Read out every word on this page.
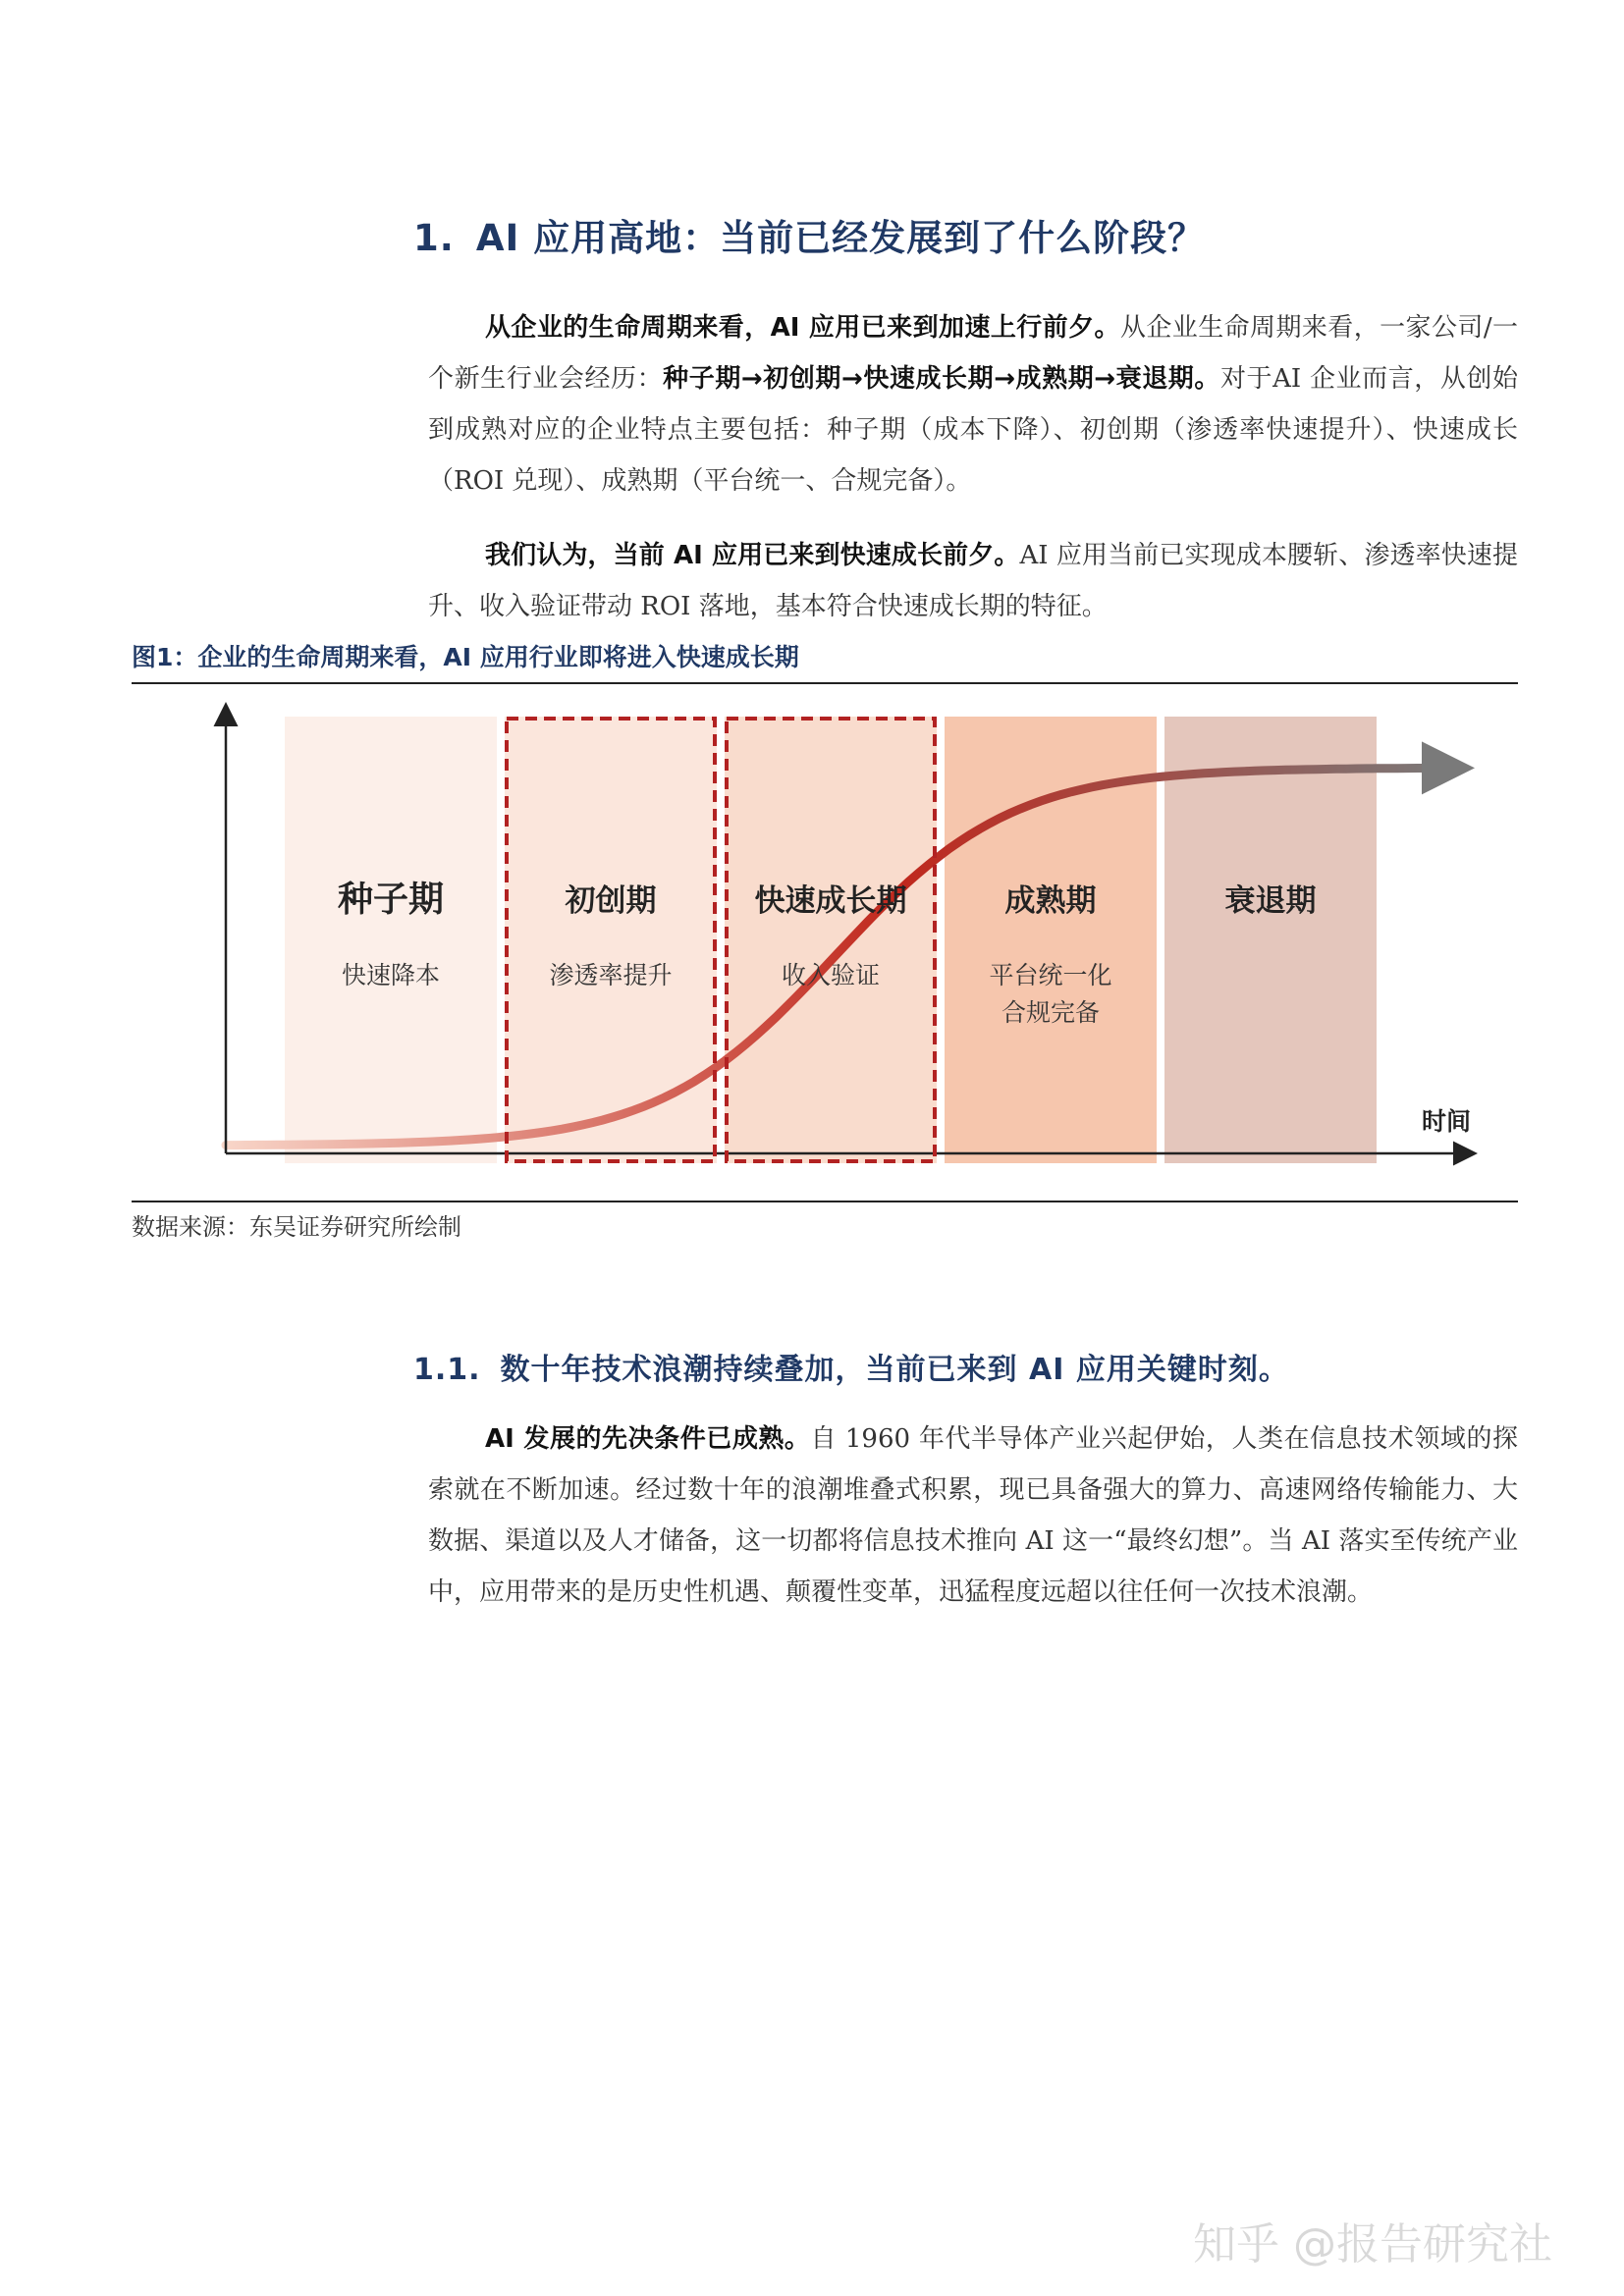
1. AI 应用高地：当前已经发展到了什么阶段？
从企业的生命周期来看，AI 应用已来到加速上行前夕。从企业生命周期来看，一家公司/一个新生行业会经历：种子期→初创期→快速成长期→成熟期→衰退期。对于AI 企业而言，从创始到成熟对应的企业特点主要包括：种子期（成本下降）、初创期（渗透率快速提升）、快速成长（ROI 兑现）、成熟期（平台统一、合规完备）。
我们认为，当前 AI 应用已来到快速成长前夕。AI 应用当前已实现成本腰斩、渗透率快速提升、收入验证带动 ROI 落地，基本符合快速成长期的特征。
图1：企业的生命周期来看，AI 应用行业即将进入快速成长期
时间
种子期
快速降本
初创期
渗透率提升
快速成长期
收入验证
成熟期
平台统一化
合规完备
衰退期
数据来源：东吴证券研究所绘制
1.1. 数十年技术浪潮持续叠加，当前已来到 AI 应用关键时刻。
AI 发展的先决条件已成熟。自 1960 年代半导体产业兴起伊始，人类在信息技术领域的探索就在不断加速。经过数十年的浪潮堆叠式积累，现已具备强大的算力、高速网络传输能力、大数据、渠道以及人才储备，这一切都将信息技术推向 AI 这一“最终幻想”。当 AI 落实至传统产业中，应用带来的是历史性机遇、颠覆性变革，迅猛程度远超以往任何一次技术浪潮。
知乎 @报告研究社
